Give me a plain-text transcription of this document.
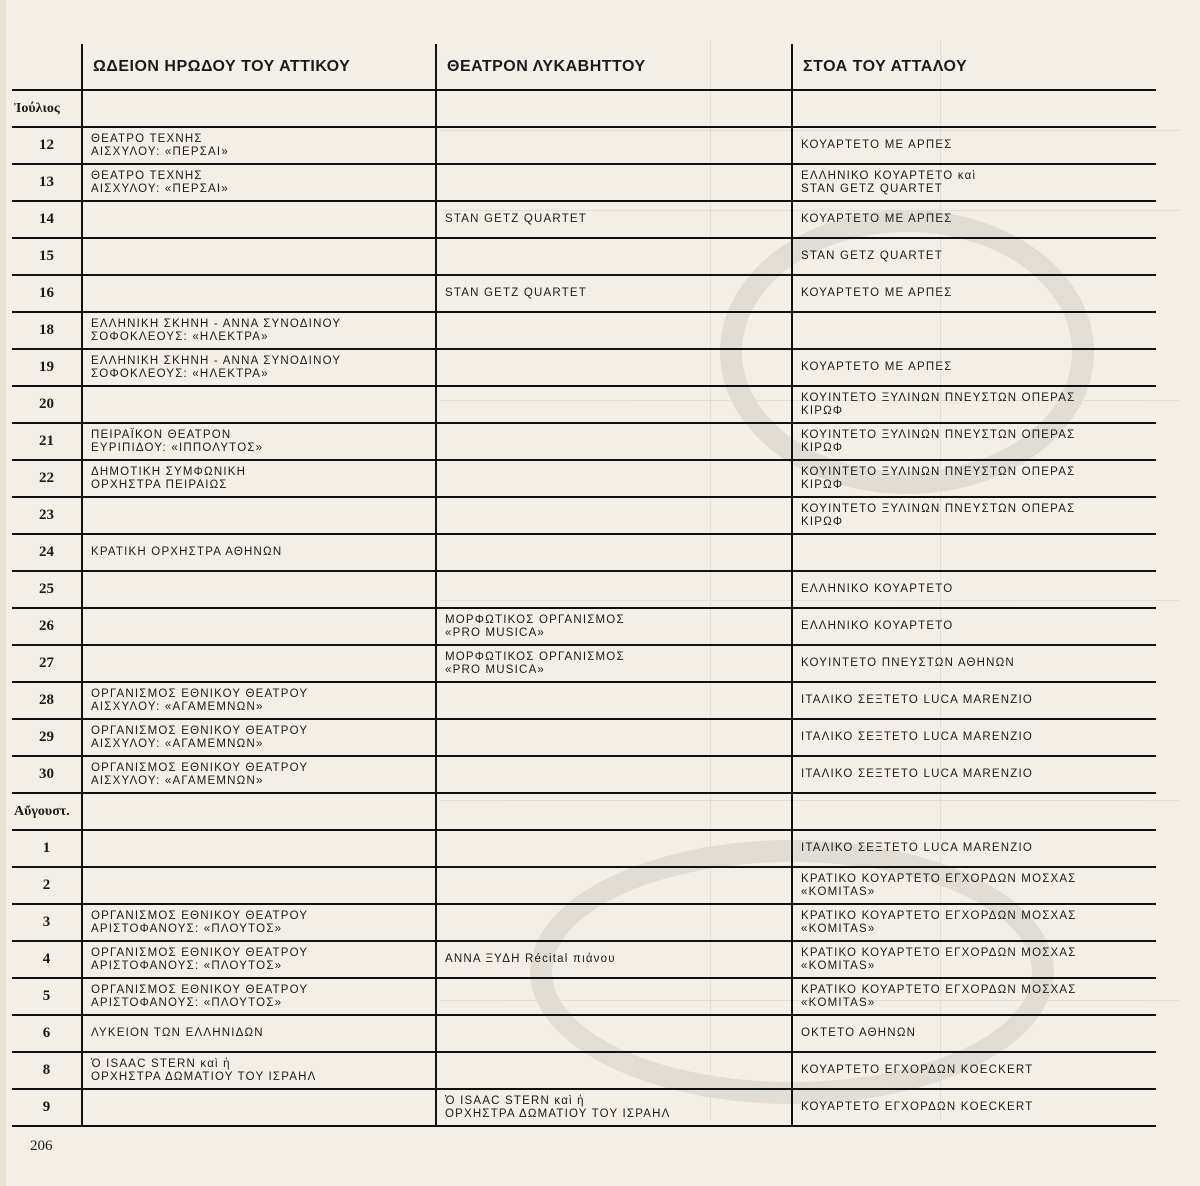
	ΩΔΕΙΟΝ ΗΡΩΔΟΥ ΤΟΥ ΑΤΤΙΚΟΥ	ΘΕΑΤΡΟΝ ΛΥΚΑΒΗΤΤΟΥ	ΣΤΟΑ ΤΟΥ ΑΤΤΑΛΟΥ
Ἰούλιος	

12	ΘΕΑΤΡΟ ΤΕΧΝΗΣ
ΑΙΣΧΥΛΟΥ: «ΠΕΡΣΑΙ»		ΚΟΥΑΡΤΕΤΟ ΜΕ ΑΡΠΕΣ

13	ΘΕΑΤΡΟ ΤΕΧΝΗΣ
ΑΙΣΧΥΛΟΥ: «ΠΕΡΣΑΙ»		ΕΛΛΗΝΙΚΟ ΚΟΥΑΡΤΕΤΟ καὶ
STAN GETZ QUARTET

14		STAN GETZ QUARTET	ΚΟΥΑΡΤΕΤΟ ΜΕ ΑΡΠΕΣ

15			STAN GETZ QUARTET

16		STAN GETZ QUARTET	ΚΟΥΑΡΤΕΤΟ ΜΕ ΑΡΠΕΣ

18	ΕΛΛΗΝΙΚΗ ΣΚΗΝΗ - ΑΝΝΑ ΣΥΝΟΔΙΝΟΥ
ΣΟΦΟΚΛΕΟΥΣ: «ΗΛΕΚΤΡΑ»		

19	ΕΛΛΗΝΙΚΗ ΣΚΗΝΗ - ΑΝΝΑ ΣΥΝΟΔΙΝΟΥ
ΣΟΦΟΚΛΕΟΥΣ: «ΗΛΕΚΤΡΑ»		ΚΟΥΑΡΤΕΤΟ ΜΕ ΑΡΠΕΣ

20			ΚΟΥΙΝΤΕΤΟ ΞΥΛΙΝΩΝ ΠΝΕΥΣΤΩΝ ΟΠΕΡΑΣ
ΚΙΡΩΦ

21	ΠΕΙΡΑΪΚΟΝ ΘΕΑΤΡΟΝ
ΕΥΡΙΠΙΔΟΥ: «ΙΠΠΟΛΥΤΟΣ»		ΚΟΥΙΝΤΕΤΟ ΞΥΛΙΝΩΝ ΠΝΕΥΣΤΩΝ ΟΠΕΡΑΣ
ΚΙΡΩΦ

22	ΔΗΜΟΤΙΚΗ ΣΥΜΦΩΝΙΚΗ
ΟΡΧΗΣΤΡΑ ΠΕΙΡΑΙΩΣ		ΚΟΥΙΝΤΕΤΟ ΞΥΛΙΝΩΝ ΠΝΕΥΣΤΩΝ ΟΠΕΡΑΣ
ΚΙΡΩΦ

23			ΚΟΥΙΝΤΕΤΟ ΞΥΛΙΝΩΝ ΠΝΕΥΣΤΩΝ ΟΠΕΡΑΣ
ΚΙΡΩΦ

24	ΚΡΑΤΙΚΗ ΟΡΧΗΣΤΡΑ ΑΘΗΝΩΝ		

25			ΕΛΛΗΝΙΚΟ ΚΟΥΑΡΤΕΤΟ

26		ΜΟΡΦΩΤΙΚΟΣ ΟΡΓΑΝΙΣΜΟΣ
«PRO MUSICA»	ΕΛΛΗΝΙΚΟ ΚΟΥΑΡΤΕΤΟ

27		ΜΟΡΦΩΤΙΚΟΣ ΟΡΓΑΝΙΣΜΟΣ
«PRO MUSICA»	ΚΟΥΙΝΤΕΤΟ ΠΝΕΥΣΤΩΝ ΑΘΗΝΩΝ

28	ΟΡΓΑΝΙΣΜΟΣ ΕΘΝΙΚΟΥ ΘΕΑΤΡΟΥ
ΑΙΣΧΥΛΟΥ: «ΑΓΑΜΕΜΝΩΝ»		ΙΤΑΛΙΚΟ ΣΕΞΤΕΤΟ LUCA MARENZIO

29	ΟΡΓΑΝΙΣΜΟΣ ΕΘΝΙΚΟΥ ΘΕΑΤΡΟΥ
ΑΙΣΧΥΛΟΥ: «ΑΓΑΜΕΜΝΩΝ»		ΙΤΑΛΙΚΟ ΣΕΞΤΕΤΟ LUCA MARENZIO

30	ΟΡΓΑΝΙΣΜΟΣ ΕΘΝΙΚΟΥ ΘΕΑΤΡΟΥ
ΑΙΣΧΥΛΟΥ: «ΑΓΑΜΕΜΝΩΝ»		ΙΤΑΛΙΚΟ ΣΕΞΤΕΤΟ LUCA MARENZIO

Αὔγουστ.	

1			ΙΤΑΛΙΚΟ ΣΕΞΤΕΤΟ LUCA MARENZIO

2			ΚΡΑΤΙΚΟ ΚΟΥΑΡΤΕΤΟ ΕΓΧΟΡΔΩΝ ΜΟΣΧΑΣ
«KOMITAS»

3	ΟΡΓΑΝΙΣΜΟΣ ΕΘΝΙΚΟΥ ΘΕΑΤΡΟΥ
ΑΡΙΣΤΟΦΑΝΟΥΣ: «ΠΛΟΥΤΟΣ»		ΚΡΑΤΙΚΟ ΚΟΥΑΡΤΕΤΟ ΕΓΧΟΡΔΩΝ ΜΟΣΧΑΣ
«KOMITAS»

4	ΟΡΓΑΝΙΣΜΟΣ ΕΘΝΙΚΟΥ ΘΕΑΤΡΟΥ
ΑΡΙΣΤΟΦΑΝΟΥΣ: «ΠΛΟΥΤΟΣ»	ΑΝΝΑ ΞΥΔΗ Récital πιάνου	ΚΡΑΤΙΚΟ ΚΟΥΑΡΤΕΤΟ ΕΓΧΟΡΔΩΝ ΜΟΣΧΑΣ
«KOMITAS»

5	ΟΡΓΑΝΙΣΜΟΣ ΕΘΝΙΚΟΥ ΘΕΑΤΡΟΥ
ΑΡΙΣΤΟΦΑΝΟΥΣ: «ΠΛΟΥΤΟΣ»		ΚΡΑΤΙΚΟ ΚΟΥΑΡΤΕΤΟ ΕΓΧΟΡΔΩΝ ΜΟΣΧΑΣ
«KOMITAS»

6	ΛΥΚΕΙΟΝ ΤΩΝ ΕΛΛΗΝΙΔΩΝ		ΟΚΤΕΤΟ ΑΘΗΝΩΝ

8	Ὁ ISAAC STERN καὶ ἡ
ΟΡΧΗΣΤΡΑ ΔΩΜΑΤΙΟΥ ΤΟΥ ΙΣΡΑΗΛ		ΚΟΥΑΡΤΕΤΟ ΕΓΧΟΡΔΩΝ KOECKERT

9		Ὁ ISAAC STERN καὶ ἡ
ΟΡΧΗΣΤΡΑ ΔΩΜΑΤΙΟΥ ΤΟΥ ΙΣΡΑΗΛ	ΚΟΥΑΡΤΕΤΟ ΕΓΧΟΡΔΩΝ KOECKERT
206
